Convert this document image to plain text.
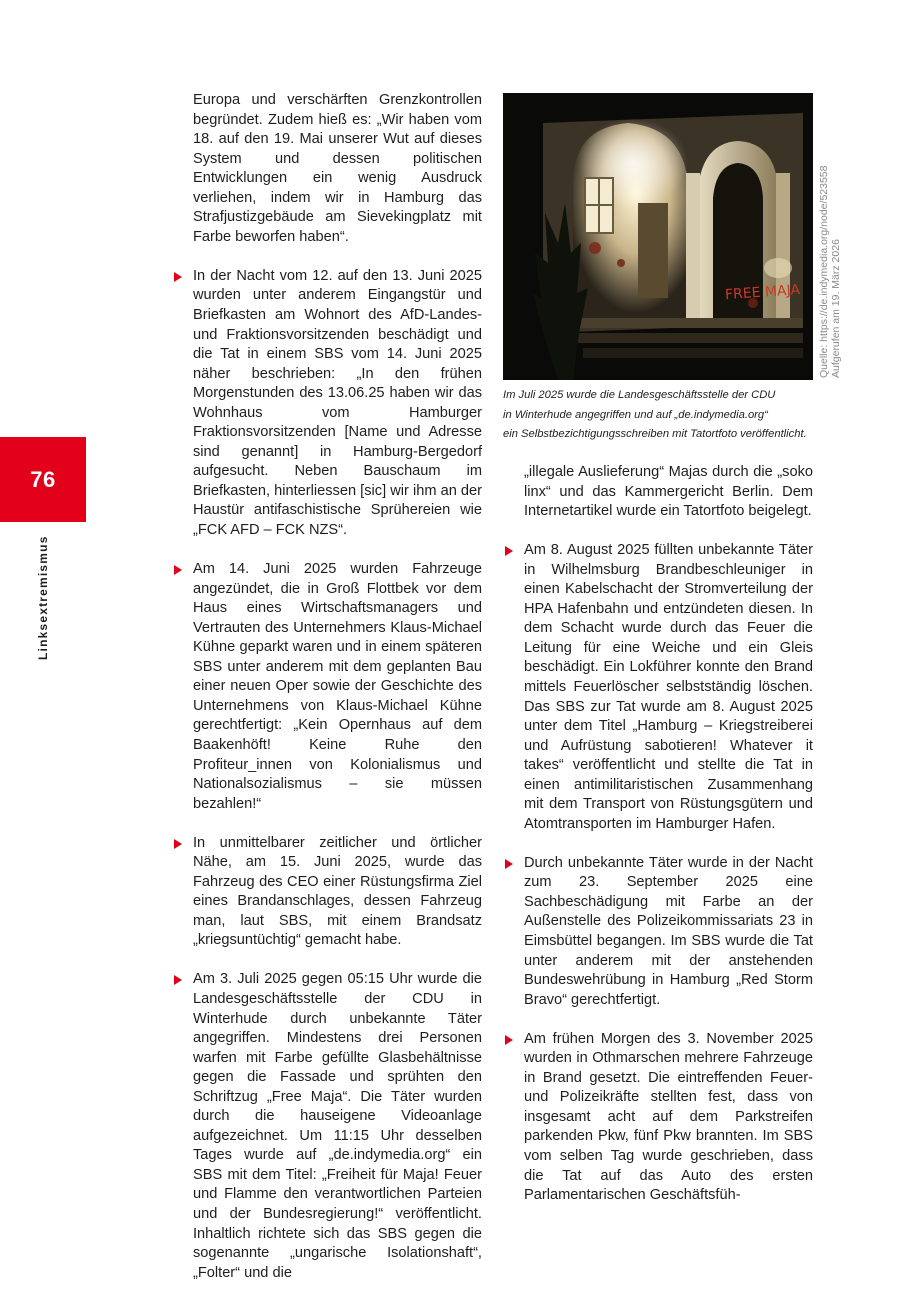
76
Linksextremismus

Europa und verschärften Grenzkontrollen begründet. Zudem hieß es: „Wir haben vom 18. auf den 19. Mai unserer Wut auf dieses System und dessen politischen Entwicklungen ein wenig Ausdruck verliehen, indem wir in Hamburg das Strafjustizgebäude am Sievekingplatz mit Farbe beworfen haben“.

In der Nacht vom 12. auf den 13. Juni 2025 wurden unter anderem Eingangstür und Briefkasten am Wohnort des AfD-Landes- und Fraktionsvorsitzenden beschädigt und die Tat in einem SBS vom 14. Juni 2025 näher beschrieben: „In den frühen Morgenstunden des 13.06.25 haben wir das Wohnhaus vom Hamburger Fraktionsvorsitzenden [Name und Adresse sind genannt] in Hamburg-Bergedorf aufgesucht. Neben Bauschaum im Briefkasten, hinterliessen [sic] wir ihm an der Haustür antifaschistische Sprühereien wie „FCK AFD – FCK NZS“.
Am 14. Juni 2025 wurden Fahrzeuge angezündet, die in Groß Flottbek vor dem Haus eines Wirtschaftsmanagers und Vertrauten des Unternehmers Klaus-Michael Kühne geparkt waren und in einem späteren SBS unter anderem mit dem geplanten Bau einer neuen Oper sowie der Geschichte des Unternehmens von Klaus-Michael Kühne gerechtfertigt: „Kein Opernhaus auf dem Baakenhöft! Keine Ruhe den Profiteur_innen von Kolonialismus und Nationalsozialismus – sie müssen bezahlen!“
In unmittelbarer zeitlicher und örtlicher Nähe, am 15. Juni 2025, wurde das Fahrzeug des CEO einer Rüstungsfirma Ziel eines Brandanschlages, dessen Fahrzeug man, laut SBS, mit einem Brandsatz „kriegsuntüchtig“ gemacht habe.
Am 3. Juli 2025 gegen 05:15 Uhr wurde die Landesgeschäftsstelle der CDU in Winterhude durch unbekannte Täter angegriffen. Mindestens drei Personen warfen mit Farbe gefüllte Glasbehältnisse gegen die Fassade und sprühten den Schriftzug „Free Maja“. Die Täter wurden durch die hauseigene Videoanlage aufgezeichnet. Um 11:15 Uhr desselben Tages wurde auf „de.indymedia.org“ ein SBS mit dem Titel: „Freiheit für Maja! Feuer und Flamme den verantwortlichen Parteien und der Bundesregierung!“ veröffentlicht. Inhaltlich richtete sich das SBS gegen die sogenannte „ungarische Isolationshaft“, „Folter“ und die
FREE MAJA
Im Juli 2025 wurde die Landesgeschäftsstelle der CDU
in Winterhude angegriffen und auf „de.indymedia.org“
ein Selbstbezichtigungsschreiben mit Tatortfoto veröffentlicht.
Quelle: https://de.indymedia.org/node/523558 Aufgerufen am 19. März 2026

„illegale Auslieferung“ Majas durch die „soko linx“ und das Kammergericht Berlin. Dem Internetartikel wurde ein Tatortfoto beigelegt.

Am 8. August 2025 füllten unbekannte Täter in Wilhelmsburg Brandbeschleuniger in einen Kabelschacht der Stromverteilung der HPA Hafenbahn und entzündeten diesen. In dem Schacht wurde durch das Feuer die Leitung für eine Weiche und ein Gleis beschädigt. Ein Lokführer konnte den Brand mittels Feuerlöscher selbstständig löschen. Das SBS zur Tat wurde am 8. August 2025 unter dem Titel „Hamburg – Kriegstreiberei und Aufrüstung sabotieren! Whatever it takes“ veröffentlicht und stellte die Tat in einen antimilitaristischen Zusammenhang mit dem Transport von Rüstungsgütern und Atomtransporten im Hamburger Hafen.
Durch unbekannte Täter wurde in der Nacht zum 23. September 2025 eine Sachbeschädigung mit Farbe an der Außenstelle des Polizeikommissariats 23 in Eimsbüttel begangen. Im SBS wurde die Tat unter anderem mit der anstehenden Bundeswehrübung in Hamburg „Red Storm Bravo“ gerechtfertigt.
Am frühen Morgen des 3. November 2025 wurden in Othmarschen mehrere Fahrzeuge in Brand gesetzt. Die eintreffenden Feuer- und Polizeikräfte stellten fest, dass von insgesamt acht auf dem Parkstreifen parkenden Pkw, fünf Pkw brannten. Im SBS vom selben Tag wurde geschrieben, dass die Tat auf das Auto des ersten Parlamentarischen Geschäftsfüh-
